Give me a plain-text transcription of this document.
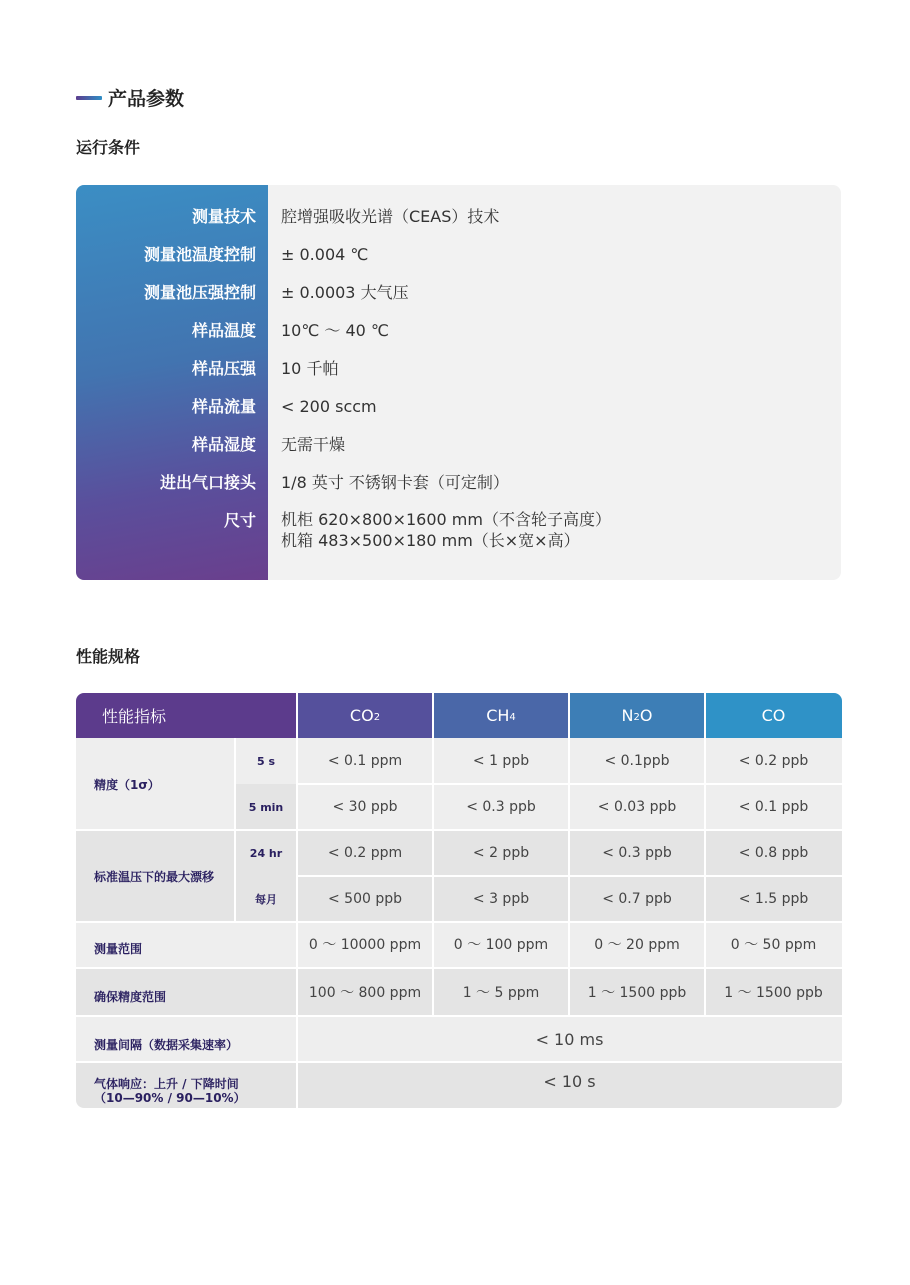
产品参数
运行条件
测量技术 腔增强吸收光谱（CEAS）技术
测量池温度控制 ± 0.004 ℃
测量池压强控制 ± 0.0003 大气压
样品温度 10℃ ～ 40 ℃
样品压强 10 千帕
样品流量 < 200 sccm
样品湿度 无需干燥
进出气口接头 1/8 英寸 不锈钢卡套（可定制）
尺寸 机柜 620×800×1600 mm（不含轮子高度）
机箱 483×500×180 mm（长×宽×高）
性能规格
性能指标	$CO_2$	$CH_4$	$N_2$ O	CO
精度（1σ）
5 s	< 0.1 ppm	< 1 ppb	< 0.1ppb	< 0.2 ppb
5 min	< 30 ppb	< 0.3 ppb	< 0.03 ppb	< 0.1 ppb
标准温压下的最大漂移
24 hr	< 0.2 ppm	< 2 ppb	< 0.3 ppb	< 0.8 ppb
每月	< 500 ppb	< 3 ppb	< 0.7 ppb	< 1.5 ppb
测量范围	0 ～ 10000 ppm	0 ～ 100 ppm	0 ～ 20 ppm	0 ～ 50 ppm
确保精度范围	100 ～ 800 ppm	1 ～ 5 ppm	1 ～ 1500 ppb	1 ～ 1500 ppb
测量间隔（数据采集速率）	< 10 ms
气体响应：上升 / 下降时间
（10—90% / 90—10%）
< 10 s
